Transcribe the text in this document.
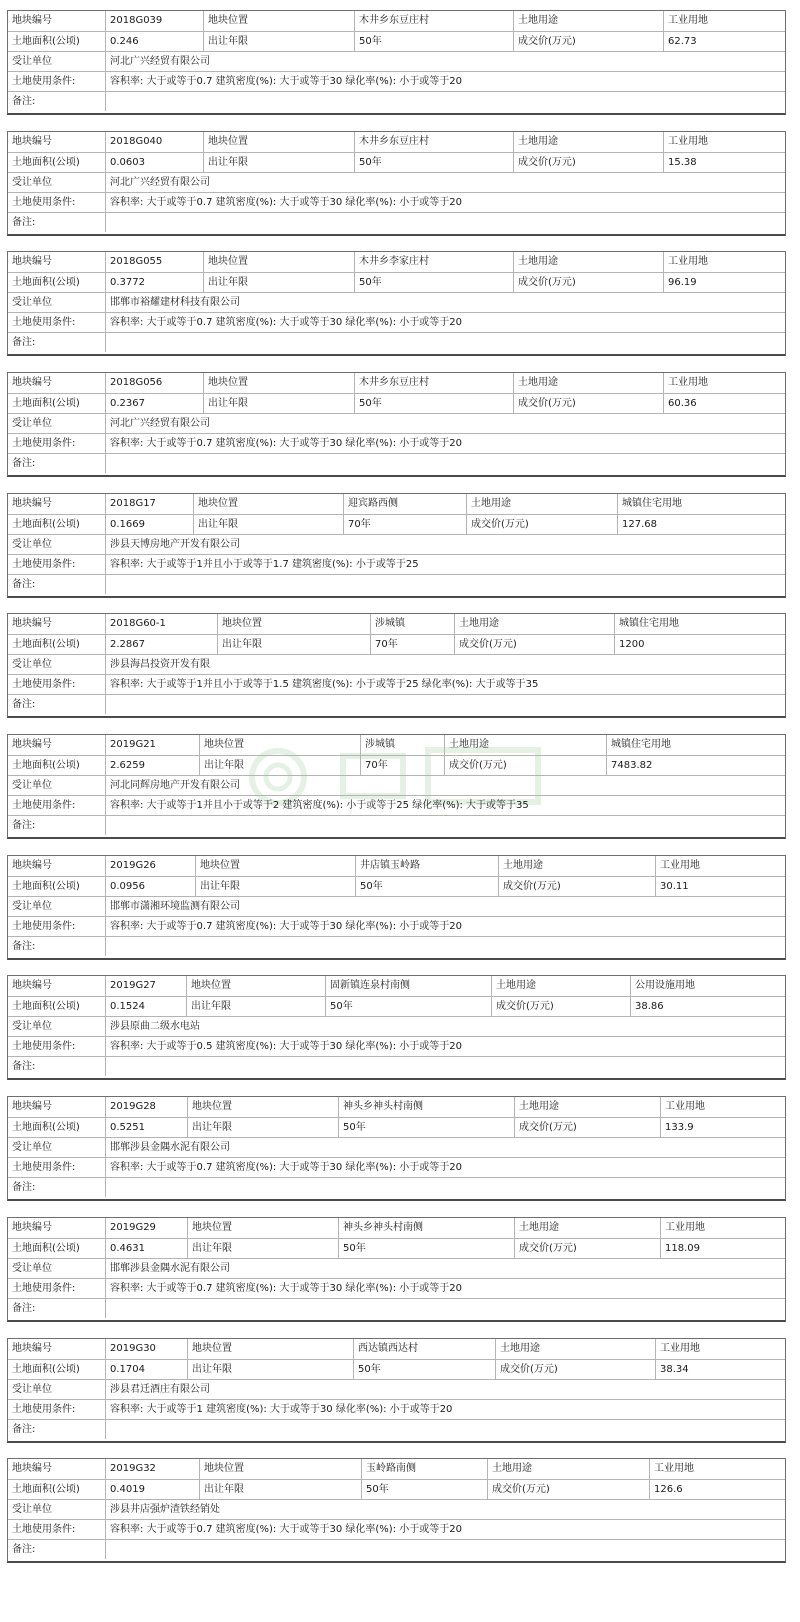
地块编号	2018G039	地块位置	木井乡东豆庄村	土地用途	工业用地
土地面积(公顷)	0.246	出让年限	50年	成交价(万元)	62.73
受让单位	河北广兴经贸有限公司
土地使用条件:	容积率: 大于或等于0.7 建筑密度(%): 大于或等于30 绿化率(%): 小于或等于20
备注:
地块编号	2018G040	地块位置	木井乡东豆庄村	土地用途	工业用地
土地面积(公顷)	0.0603	出让年限	50年	成交价(万元)	15.38
受让单位	河北广兴经贸有限公司
土地使用条件:	容积率: 大于或等于0.7 建筑密度(%): 大于或等于30 绿化率(%): 小于或等于20
备注:
地块编号	2018G055	地块位置	木井乡李家庄村	土地用途	工业用地
土地面积(公顷)	0.3772	出让年限	50年	成交价(万元)	96.19
受让单位	邯郸市裕耀建材科技有限公司
土地使用条件:	容积率: 大于或等于0.7 建筑密度(%): 大于或等于30 绿化率(%): 小于或等于20
备注:
地块编号	2018G056	地块位置	木井乡东豆庄村	土地用途	工业用地
土地面积(公顷)	0.2367	出让年限	50年	成交价(万元)	60.36
受让单位	河北广兴经贸有限公司
土地使用条件:	容积率: 大于或等于0.7 建筑密度(%): 大于或等于30 绿化率(%): 小于或等于20
备注:
地块编号	2018G17	地块位置	迎宾路西侧	土地用途	城镇住宅用地
土地面积(公顷)	0.1669	出让年限	70年	成交价(万元)	127.68
受让单位	涉县天博房地产开发有限公司
土地使用条件:	容积率: 大于或等于1并且小于或等于1.7 建筑密度(%): 小于或等于25
备注:
地块编号	2018G60-1	地块位置	涉城镇	土地用途	城镇住宅用地
土地面积(公顷)	2.2867	出让年限	70年	成交价(万元)	1200
受让单位	涉县海昌投资开发有限
土地使用条件:	容积率: 大于或等于1并且小于或等于1.5 建筑密度(%): 小于或等于25 绿化率(%): 大于或等于35
备注:
地块编号	2019G21	地块位置	涉城镇	土地用途	城镇住宅用地
土地面积(公顷)	2.6259	出让年限	70年	成交价(万元)	7483.82
受让单位	河北同辉房地产开发有限公司
土地使用条件:	容积率: 大于或等于1并且小于或等于2 建筑密度(%): 小于或等于25 绿化率(%): 大于或等于35
备注:
地块编号	2019G26	地块位置	井店镇玉岭路	土地用途	工业用地
土地面积(公顷)	0.0956	出让年限	50年	成交价(万元)	30.11
受让单位	邯郸市潇湘环境监测有限公司
土地使用条件:	容积率: 大于或等于0.7 建筑密度(%): 大于或等于30 绿化率(%): 小于或等于20
备注:
地块编号	2019G27	地块位置	固新镇连泉村南侧	土地用途	公用设施用地
土地面积(公顷)	0.1524	出让年限	50年	成交价(万元)	38.86
受让单位	涉县原曲二级水电站
土地使用条件:	容积率: 大于或等于0.5 建筑密度(%): 大于或等于30 绿化率(%): 小于或等于20
备注:
地块编号	2019G28	地块位置	神头乡神头村南侧	土地用途	工业用地
土地面积(公顷)	0.5251	出让年限	50年	成交价(万元)	133.9
受让单位	邯郸涉县金隅水泥有限公司
土地使用条件:	容积率: 大于或等于0.7 建筑密度(%): 大于或等于30 绿化率(%): 小于或等于20
备注:
地块编号	2019G29	地块位置	神头乡神头村南侧	土地用途	工业用地
土地面积(公顷)	0.4631	出让年限	50年	成交价(万元)	118.09
受让单位	邯郸涉县金隅水泥有限公司
土地使用条件:	容积率: 大于或等于0.7 建筑密度(%): 大于或等于30 绿化率(%): 小于或等于20
备注:
地块编号	2019G30	地块位置	西达镇西达村	土地用途	工业用地
土地面积(公顷)	0.1704	出让年限	50年	成交价(万元)	38.34
受让单位	涉县君迁酒庄有限公司
土地使用条件:	容积率: 大于或等于1 建筑密度(%): 大于或等于30 绿化率(%): 小于或等于20
备注:
地块编号	2019G32	地块位置	玉岭路南侧	土地用途	工业用地
土地面积(公顷)	0.4019	出让年限	50年	成交价(万元)	126.6
受让单位	涉县井店强炉渣铁经销处
土地使用条件:	容积率: 大于或等于0.7 建筑密度(%): 大于或等于30 绿化率(%): 小于或等于20
备注:
